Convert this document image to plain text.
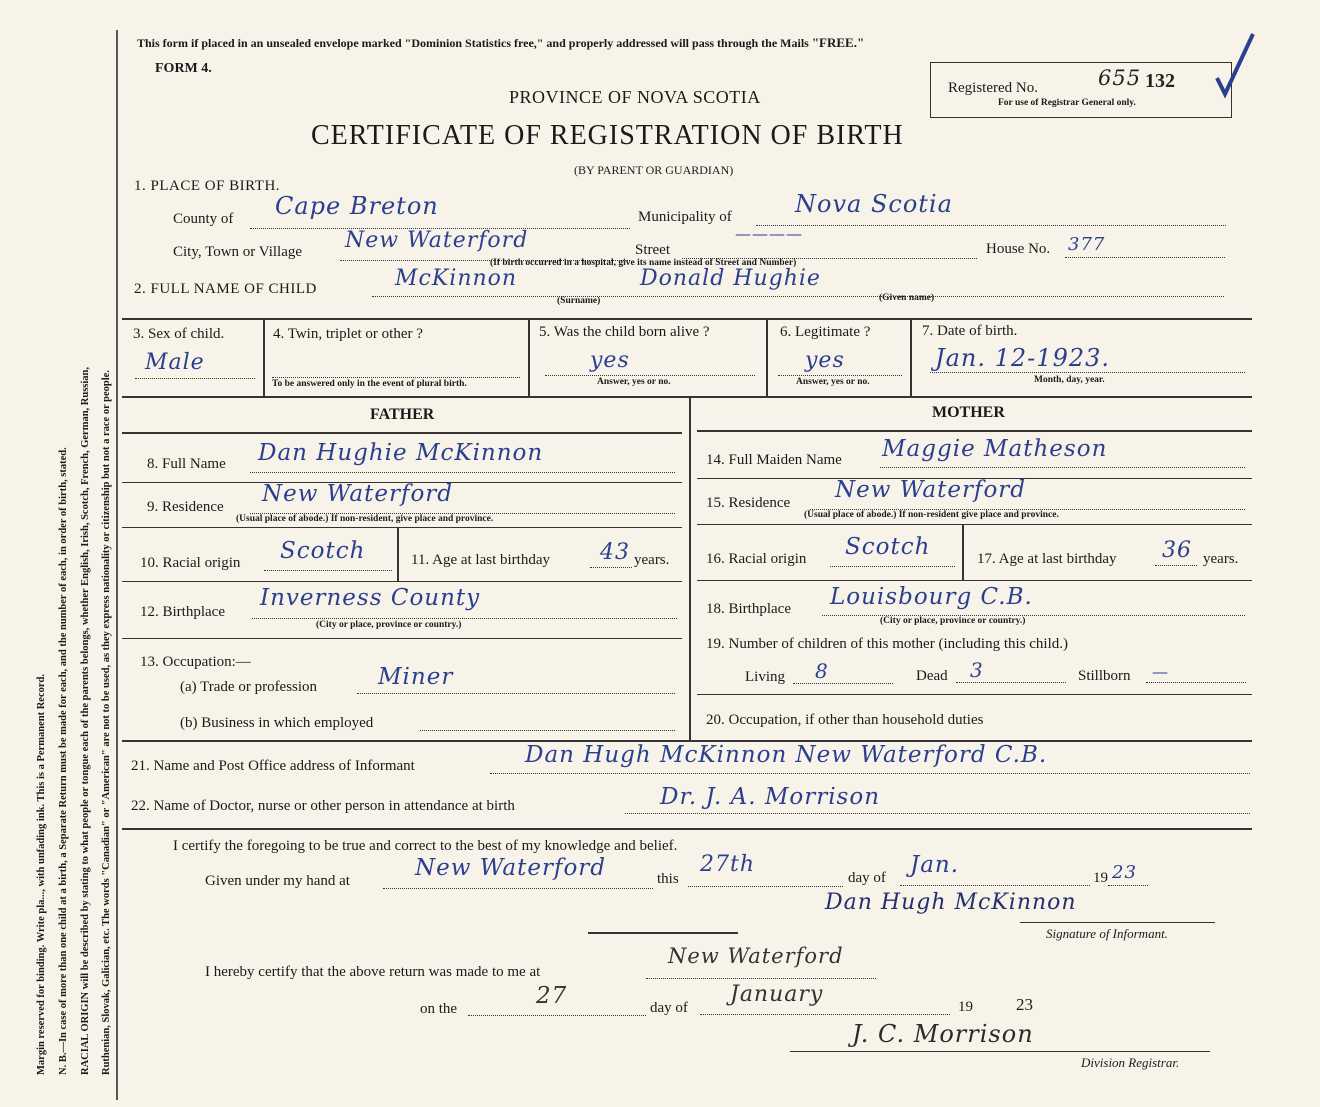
Margin reserved for binding. Write pla..., with unfading ink. This is a Permanent Record. N. B.—In case of more than one child at a birth, a Separate Return must be made for each, and the number of each, in order of birth, stated. RACIAL ORIGIN will be described by stating to what people or tongue each of the parents belongs, whether English, Irish, Scotch, French, German, Russian, Ruthenian, Slovak, Galician, etc. The words "Canadian" or "American" are not to be used, as they express nationality or citizenship but not a race or people.
This form if placed in an unsealed envelope marked "Dominion Statistics free," and properly addressed will pass through the Mails "FREE."
FORM 4.
Registered No.	655 132
For use of Registrar General only.
PROVINCE OF NOVA SCOTIA
CERTIFICATE OF REGISTRATION OF BIRTH
(BY PARENT OR GUARDIAN)
1. PLACE OF BIRTH.
County of Cape Breton	Municipality of	Nova Scotia
City, Town or Village New Waterford	Street
————
House No. 377
(If birth occurred in a hospital, give its name instead of Street and Number)
2. FULL NAME OF CHILD	McKinnon	Donald Hughie
(Surname)	(Given name)
3. Sex of child.
Male
4. Twin, triplet or other ?
To be answered only in the event of plural birth.
5. Was the child born alive ?
yes
Answer, yes or no.
6. Legitimate ?
yes
Answer, yes or no.
7. Date of birth.
Jan. 12-1923.
Month, day, year.
FATHER	MOTHER
8. Full Name Dan Hughie McKinnon
9. Residence New Waterford
(Usual place of abode.) If non-resident, give place and province.
10. Racial origin Scotch	11. Age at last birthday 43 years.
12. Birthplace
Inverness County
(City or place, province or country.)
13. Occupation:—
(a) Trade or profession	Miner
(b) Business in which employed
14. Full Maiden Name Maggie Matheson
15. Residence New Waterford
(Usual place of abode.) If non-resident give place and province.
16. Racial origin Scotch	17. Age at last birthday 36 years.
18. Birthplace Louisbourg C.B.
(City or place, province or country.)
19. Number of children of this mother (including this child.)
Living 8	Dead 3	Stillborn —
20. Occupation, if other than household duties
21. Name and Post Office address of Informant	Dan Hugh McKinnon New Waterford C.B.
22. Name of Doctor, nurse or other person in attendance at birth	Dr. J. A. Morrison
I certify the foregoing to be true and correct to the best of my knowledge and belief.
Given under my hand at	New Waterford	this
27th
day of Jan.	19 23
Dan Hugh McKinnon
Signature of Informant.
I hereby certify that the above return was made to me at
New Waterford
on the	27	day of
January	19	23
J. C. Morrison
Division Registrar.
